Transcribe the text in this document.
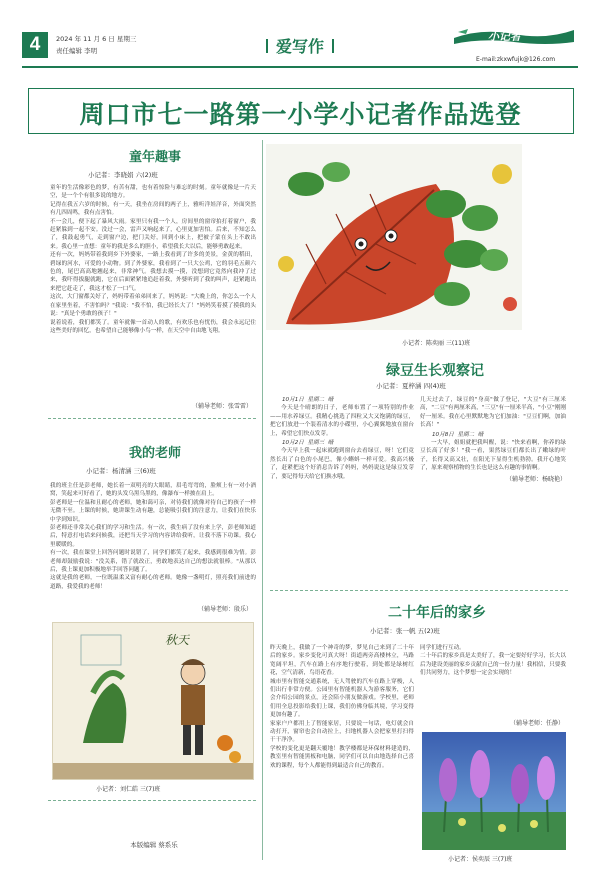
4	2024 年 11 月 6 日 星期三
责任编辑 李明	爱写作
小记者
E-mail:zkxwfujk@126.com
周口市七一路第一小学小记者作品选登
童年趣事
小记者：李晓娟 六(2)班
童年的生活像彩色的梦，有苦有甜，也有着惊险与难忘的时刻。童年就像是一片天空，是一个个有很多说的地方。
记得在我五六岁的时候，有一天，我坐在房间的两子上，雅听洋娃洋音，外面突然有几四周鸣，我有点害怕。
不一会儿，便下起了暴风大雨。家里只有我一个人，房间里的窗帘拍打着窗户，我赶紧躲到一起不安。没过一会，雷声又响起来了，心里更加害怕。后来，不知怎么了，我鼓起勇气，走到窗户边，把门关好，回到小床上，把被子蒙在头上不敢出来。我心里一直想：童年的我是多么的胆小，希望我长大以后，能够勇敢起来。
还有一次，妈妈带着我到乡下外婆家，一路上我看到了许多的美景，金黄的稻田，碧绿的河水，可爱的小动物。到了外婆家，我看到了一只大公鸡，它的羽毛五颜六色的，尾巴高高地翘起来，非常神气。我想去摸一摸，没想到它竟然向我冲了过来，我吓得拔腿就跑，它在后面紧紧地追赶着我，外婆听到了我的叫声，赶紧跑出来把它赶走了，我这才松了一口气。
这次，大门窗都关好了，妈妈带着弟弟回来了，妈妈说："大晚上的，你怎么一个人在家里坐着，不害怕吗？"我说："我不怕，我已经长大了！"妈妈笑着摸了摸我的头说："真是个勇敢的孩子！"
说着说着，我们都笑了。童年就像一首动人的歌，有欢乐也有忧伤，我会永远记住这些美好的回忆，也希望自己能够像小鸟一样，在天空中自由地飞翔。
（辅导老师：张雪雷）
我的老师
小记者：杨清涵 三(6)班
我的班主任是彭老师，她长着一双明亮的大眼睛，眉毛弯弯的，脸颊上有一对小酒窝，笑起来可好看了，她的头发乌黑乌黑的，像瀑布一样披在肩上。
彭老师是一位温和且耐心的老师，她和蔼可亲，对待我们就像对待自己的孩子一样无微不至。上课的时候，她讲课生动有趣，总能吸引我们的注意力，让我们在快乐中学到知识。
彭老师还非常关心我们的学习和生活。有一次，我生病了没有来上学，彭老师知道后，特意打电话来问候我，还把当天学习的内容讲给我听，让我不落下功课。我心里暖暖的。
有一次，我在课堂上回答问题时说错了，同学们都笑了起来，我感到很难为情。彭老师却鼓励我说："没关系，错了就改正，勇敢地表达自己的想法就很棒。"从那以后，我上课更加积极地举手回答问题了。
这就是我的老师，一位既温柔又富有耐心的老师。她像一盏明灯，照亮我们前进的道路，我爱我的老师！
（辅导老师：殷乐）
秋天
小记者：刘仁皓 三(7)班
本版编辑 蔡系乐
小记者：陈奕丽 三(11)班
绿豆生长观察记
小记者：夏梓涵 四(4)班
10月1日  星期二  晴
今天是个晴朗的日子，老师布置了一项特别的作业——用水养绿豆。我精心挑选了四粒又大又饱满的绿豆，把它们放进一个装着清水的小碟里，小心翼翼地放在窗台上，希望它们快点发芽。
10月2日  星期三  晴
今天早上我一起床就跑到窗台去看绿豆，呀！它们竟然长出了白色的小尾巴，像小蝌蚪一样可爱。我高兴极了，赶紧把这个好消息告诉了妈妈，妈妈说这是绿豆发芽了，要记得每天给它们换水哦。
几天过去了，绿豆的"身高"做了登记，"大豆"有三厘米高，"二豆"有两厘米高，"三豆"有一厘米半高，"小豆"刚刚好一厘米。我在心里默默地为它们加油："豆豆们啊，加油长高！"
10月8日  星期二  晴
一大早，姐姐就把我叫醒，说："快来看啊，你养的绿豆长高了好多！"我一看，果然绿豆们都长出了嫩绿的叶子，长得又高又壮，在阳光下显得生机勃勃。我开心地笑了，原来观察植物的生长也是这么有趣的事情啊。
（辅导老师：杨晓艳）
二十年后的家乡
小记者：张一帆 五(2)班
昨天晚上，我做了一个神奇的梦，梦见自己来到了二十年后的家乡。家乡变化可真大呀！街道两旁高楼林立，马路宽阔平坦，汽车在路上有序地行驶着，到处都是绿树红花，空气清新，鸟语花香。
城市里有智能交通系统，无人驾驶的汽车在路上穿梭，人们出行非常方便。公园里有智能机器人为游客服务，它们会介绍公园的景点，还会陪小朋友做游戏。学校里，老师们用全息投影给我们上课，我们仿佛身临其境，学习变得更加有趣了。
家家户户都用上了智能家居，只要说一句话，电灯就会自动打开，窗帘也会自动拉上，扫地机器人会把家里打扫得干干净净。
学校的变化更是翻天覆地！教学楼都是环保材料建造的，教室里有智能黑板和电脑，同学们可以自由地选择自己喜欢的课程，每个人都能得到最适合自己的教育。
同学们进行互动。
二十年后的家乡真是太美好了，我一定要好好学习，长大以后为建设美丽的家乡贡献自己的一份力量！我相信，只要我们共同努力，这个梦想一定会实现的！
（辅导老师：任静）
小记者：侯奕辰 三(7)班
